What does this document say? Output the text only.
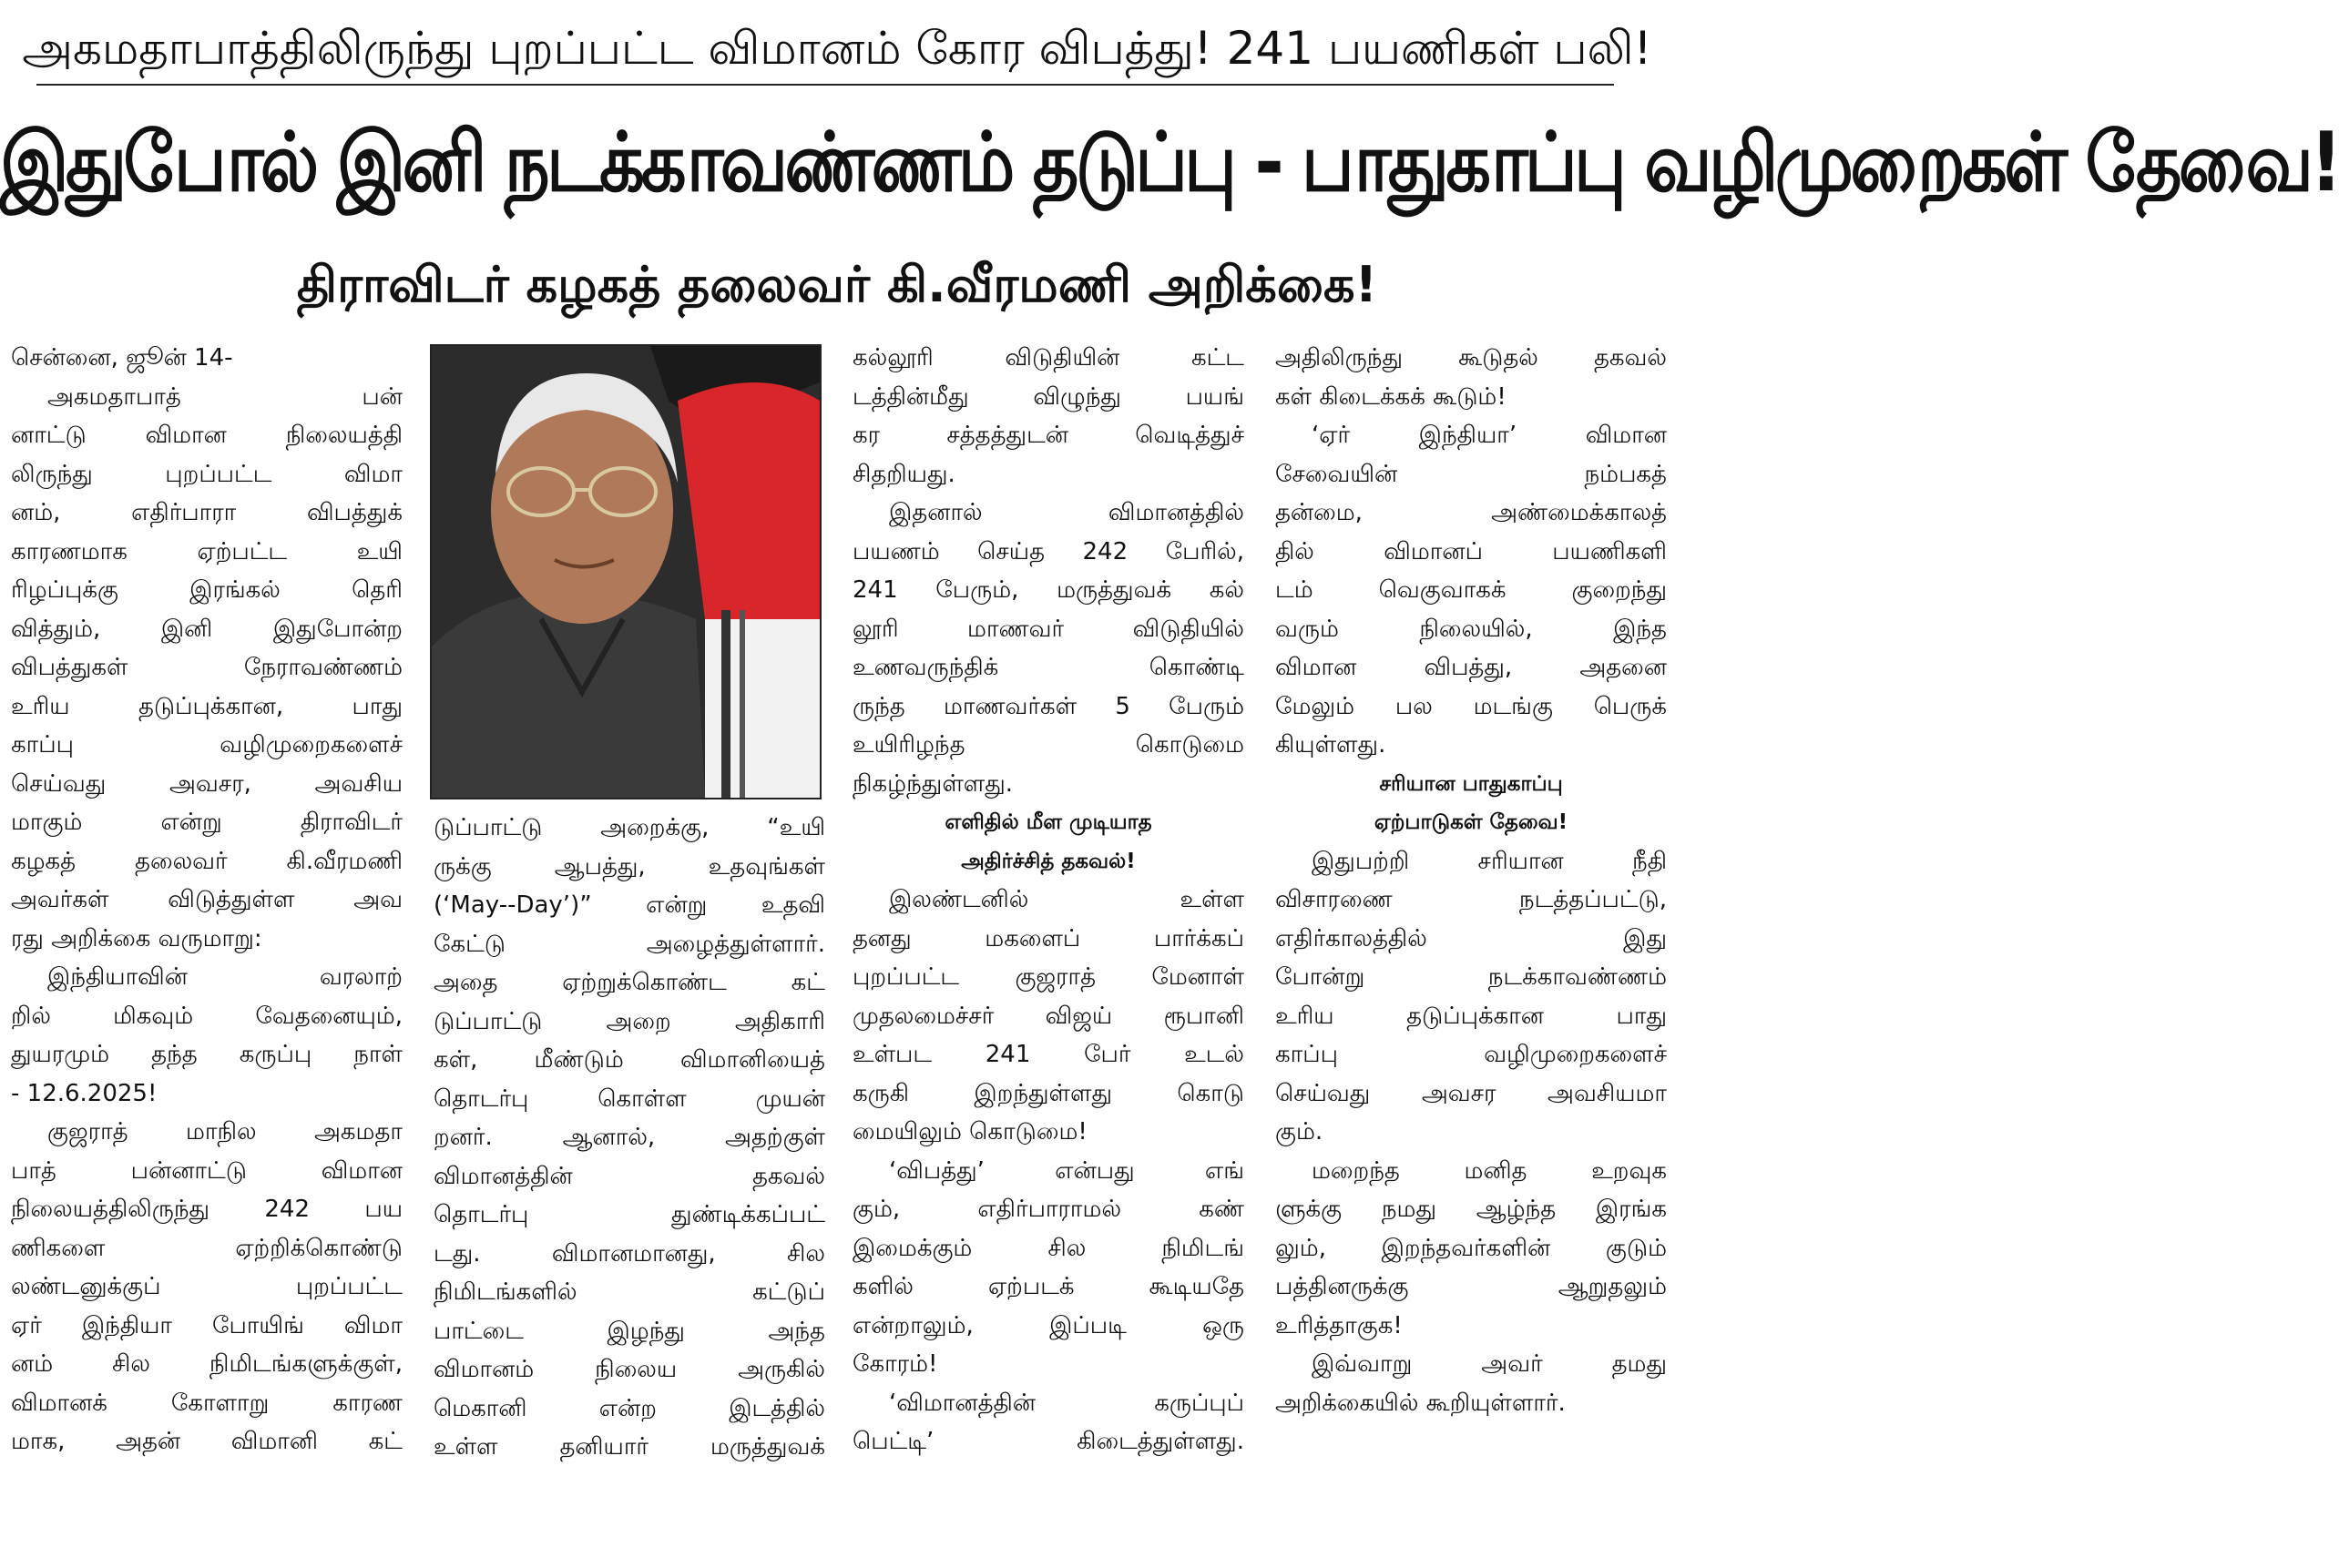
அகமதாபாத்திலிருந்து புறப்பட்ட விமானம் கோர விபத்து! 241 பயணிகள் பலி!
இதுபோல் இனி நடக்காவண்ணம் தடுப்பு - பாதுகாப்பு வழிமுறைகள் தேவை!
திராவிடர் கழகத் தலைவர் கி.வீரமணி அறிக்கை!
சென்னை, ஜூன் 14-
அகமதாபாத் பன்
னாட்டு விமான நிலையத்தி
லிருந்து புறப்பட்ட விமா
னம், எதிர்பாரா விபத்துக்
காரணமாக ஏற்பட்ட உயி
ரிழப்புக்கு இரங்கல் தெரி
வித்தும், இனி இதுபோன்ற
விபத்துகள் நேராவண்ணம்
உரிய தடுப்புக்கான, பாது
காப்பு வழிமுறைகளைச்
செய்வது அவசர, அவசிய
மாகும் என்று திராவிடர்
கழகத் தலைவர் கி.வீரமணி
அவர்கள் விடுத்துள்ள அவ
ரது அறிக்கை வருமாறு:
இந்தியாவின் வரலாற்
றில் மிகவும் வேதனையும்,
துயரமும் தந்த கருப்பு நாள்
- 12.6.2025!
குஜராத் மாநில அகமதா
பாத் பன்னாட்டு விமான
நிலையத்திலிருந்து 242 பய
ணிகளை ஏற்றிக்கொண்டு
லண்டனுக்குப் புறப்பட்ட
ஏர் இந்தியா போயிங் விமா
னம் சில நிமிடங்களுக்குள்,
விமானக் கோளாறு காரண
மாக, அதன் விமானி கட்
டுப்பாட்டு அறைக்கு, “உயி
ருக்கு ஆபத்து, உதவுங்கள்
(‘May--Day’)” என்று உதவி
கேட்டு அழைத்துள்ளார்.
அதை ஏற்றுக்கொண்ட கட்
டுப்பாட்டு அறை அதிகாரி
கள், மீண்டும் விமானியைத்
தொடர்பு கொள்ள முயன்
றனர். ஆனால், அதற்குள்
விமானத்தின் தகவல்
தொடர்பு துண்டிக்கப்பட்
டது. விமானமானது, சில
நிமிடங்களில் கட்டுப்
பாட்டை இழந்து அந்த
விமானம் நிலைய அருகில்
மெகானி என்ற இடத்தில்
உள்ள தனியார் மருத்துவக்
கல்லூரி விடுதியின் கட்ட
டத்தின்மீது விழுந்து பயங்
கர சத்தத்துடன் வெடித்துச்
சிதறியது.
இதனால் விமானத்தில்
பயணம் செய்த 242 பேரில்,
241 பேரும், மருத்துவக் கல்
லூரி மாணவர் விடுதியில்
உணவருந்திக் கொண்டி
ருந்த மாணவர்கள் 5 பேரும்
உயிரிழந்த கொடுமை
நிகழ்ந்துள்ளது.
எளிதில் மீள முடியாத
அதிர்ச்சித் தகவல்!
இலண்டனில் உள்ள
தனது மகளைப் பார்க்கப்
புறப்பட்ட குஜராத் மேனாள்
முதலமைச்சர் விஜய் ரூபானி
உள்பட 241 பேர் உடல்
கருகி இறந்துள்ளது கொடு
மையிலும் கொடுமை!
‘விபத்து’ என்பது எங்
கும், எதிர்பாராமல் கண்
இமைக்கும் சில நிமிடங்
களில் ஏற்படக் கூடியதே
என்றாலும், இப்படி ஒரு
கோரம்!
‘விமானத்தின் கருப்புப்
பெட்டி’ கிடைத்துள்ளது.
அதிலிருந்து கூடுதல் தகவல்
கள் கிடைக்கக் கூடும்!
‘ஏர் இந்தியா’ விமான
சேவையின் நம்பகத்
தன்மை, அண்மைக்காலத்
தில் விமானப் பயணிகளி
டம் வெகுவாகக் குறைந்து
வரும் நிலையில், இந்த
விமான விபத்து, அதனை
மேலும் பல மடங்கு பெருக்
கியுள்ளது.
சரியான பாதுகாப்பு
ஏற்பாடுகள் தேவை!
இதுபற்றி சரியான நீதி
விசாரணை நடத்தப்பட்டு,
எதிர்காலத்தில் இது
போன்று நடக்காவண்ணம்
உரிய தடுப்புக்கான பாது
காப்பு வழிமுறைகளைச்
செய்வது அவசர அவசியமா
கும்.
மறைந்த மனித உறவுக
ளுக்கு நமது ஆழ்ந்த இரங்க
லும், இறந்தவர்களின் குடும்
பத்தினருக்கு ஆறுதலும்
உரித்தாகுக!
இவ்வாறு அவர் தமது
அறிக்கையில் கூறியுள்ளார்.
